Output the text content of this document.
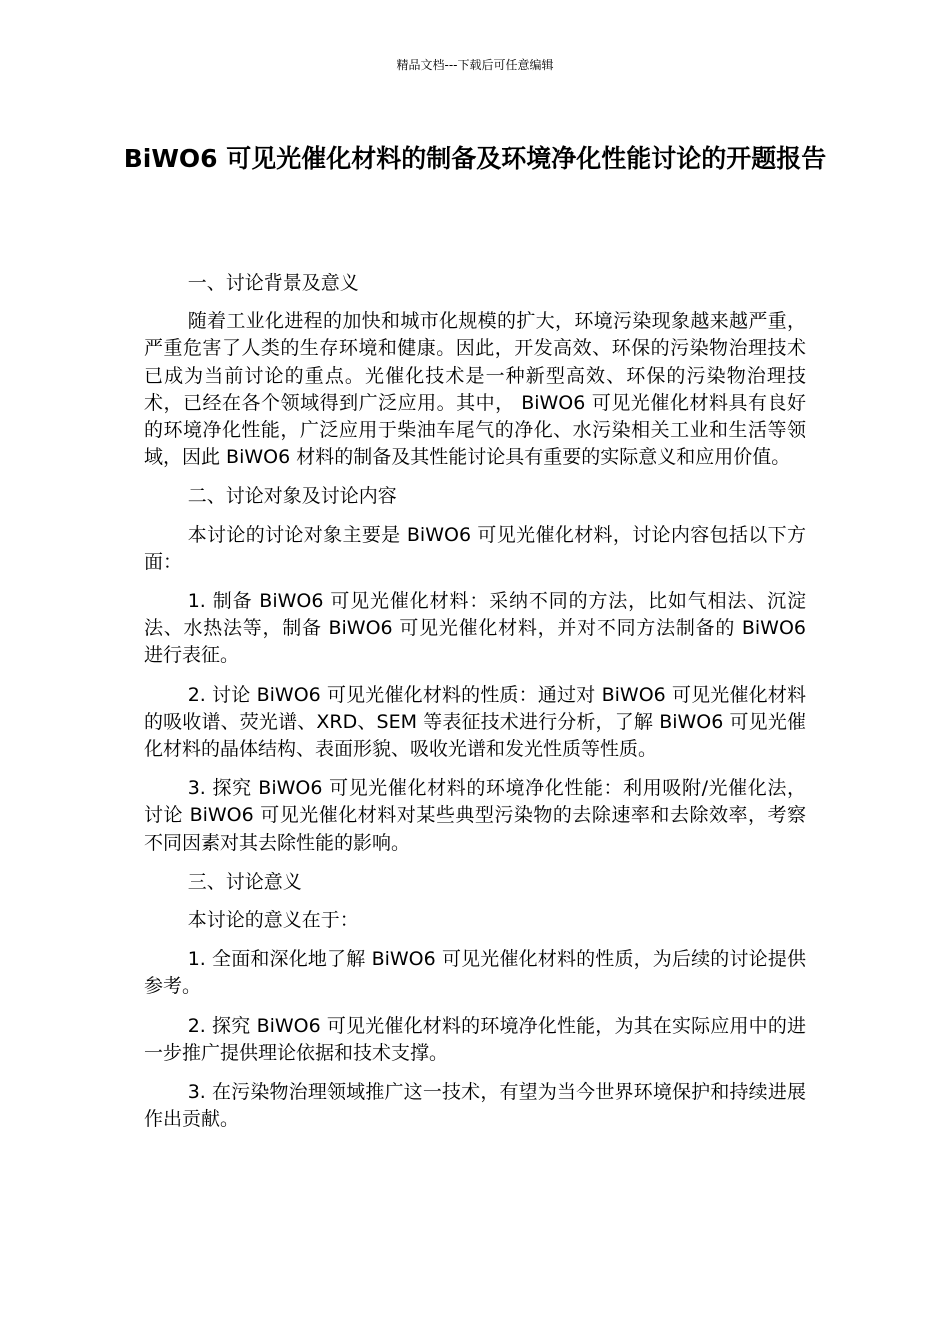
精品文档---下载后可任意编辑
BiWO6 可见光催化材料的制备及环境净化性能讨论的开题报告

一、讨论背景及意义

随着工业化进程的加快和城市化规模的扩大，环境污染现象越来越严重，严重危害了人类的生存环境和健康。因此，开发高效、环保的污染物治理技术已成为当前讨论的重点。光催化技术是一种新型高效、环保的污染物治理技术，已经在各个领域得到广泛应用。其中， BiWO6 可见光催化材料具有良好的环境净化性能，广泛应用于柴油车尾气的净化、水污染相关工业和生活等领域，因此 BiWO6 材料的制备及其性能讨论具有重要的实际意义和应用价值。

二、讨论对象及讨论内容

本讨论的讨论对象主要是 BiWO6 可见光催化材料，讨论内容包括以下方面：

1. 制备 BiWO6 可见光催化材料：采纳不同的方法，比如气相法、沉淀法、水热法等，制备 BiWO6 可见光催化材料，并对不同方法制备的 BiWO6 进行表征。

2. 讨论 BiWO6 可见光催化材料的性质：通过对 BiWO6 可见光催化材料的吸收谱、荧光谱、XRD、SEM 等表征技术进行分析，了解 BiWO6 可见光催化材料的晶体结构、表面形貌、吸收光谱和发光性质等性质。

3. 探究 BiWO6 可见光催化材料的环境净化性能：利用吸附/光催化法，讨论 BiWO6 可见光催化材料对某些典型污染物的去除速率和去除效率，考察不同因素对其去除性能的影响。

三、讨论意义

本讨论的意义在于：

1. 全面和深化地了解 BiWO6 可见光催化材料的性质，为后续的讨论提供参考。

2. 探究 BiWO6 可见光催化材料的环境净化性能，为其在实际应用中的进一步推广提供理论依据和技术支撑。

3. 在污染物治理领域推广这一技术，有望为当今世界环境保护和持续进展作出贡献。
